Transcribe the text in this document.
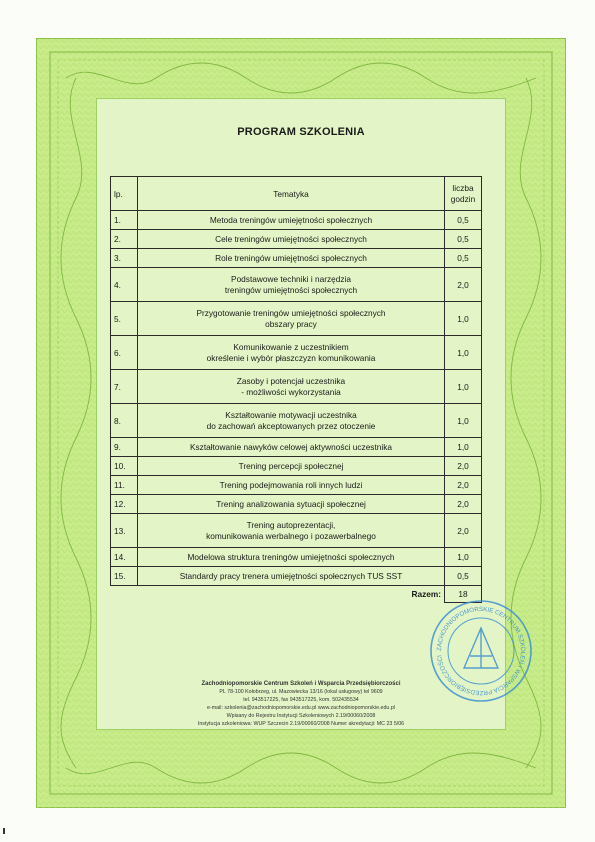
PROGRAM SZKOLENIA
lp.	Tematyka	liczba
godzin
1.	Metoda treningów umiejętności społecznych	0,5
2.	Cele treningów umiejętności społecznych	0,5
3.	Role treningów umiejętności społecznych	0,5
4.	Podstawowe techniki i narzędzia
treningów umiejętności społecznych	2,0
5.	Przygotowanie treningów umiejętności społecznych
obszary pracy	1,0
6.	Komunikowanie z uczestnikiem
określenie i wybór płaszczyzn komunikowania	1,0
7.	Zasoby i potencjał uczestnika
- możliwości wykorzystania	1,0
8.	Kształtowanie motywacji uczestnika
do zachowań akceptowanych przez otoczenie	1,0
9.	Kształtowanie nawyków celowej aktywności uczestnika	1,0
10.	Trening percepcji społecznej	2,0
11.	Trening podejmowania roli innych ludzi	2,0
12.	Trening analizowania sytuacji społecznej	2,0
13.	Trening autoprezentacji,
komunikowania werbalnego i pozawerbalnego	2,0
14.	Modelowa struktura treningów umiejętności społecznych	1,0
15.	Standardy pracy trenera umiejętności społecznych TUS SST	0,5
	Razem:	18
Zachodniopomorskie Centrum Szkoleń i Wsparcia Przedsiębiorczości
PL 78-100 Kołobrzeg, ul. Mazowiecka 13/16 (lokal usługowy) tel 9609
tel. 943517225, fax 943517225, kom. 502435534
e-mail: szkolenia@zachodniopomorskie.edu.pl www.zachodniopomorskie.edu.pl
Wpisany do Rejestru Instytucji Szkoleniowych 2.19/00060/2008
Instytucja szkoleniowa: WUP Szczecin 2.19/00060/2008 Numer akredytacji: MC 23 5/06
ZACHODNIOPOMORSKIE CENTRUM SZKOLEŃ I WSPARCIA PRZEDSIĘBIORCZOŚCI
